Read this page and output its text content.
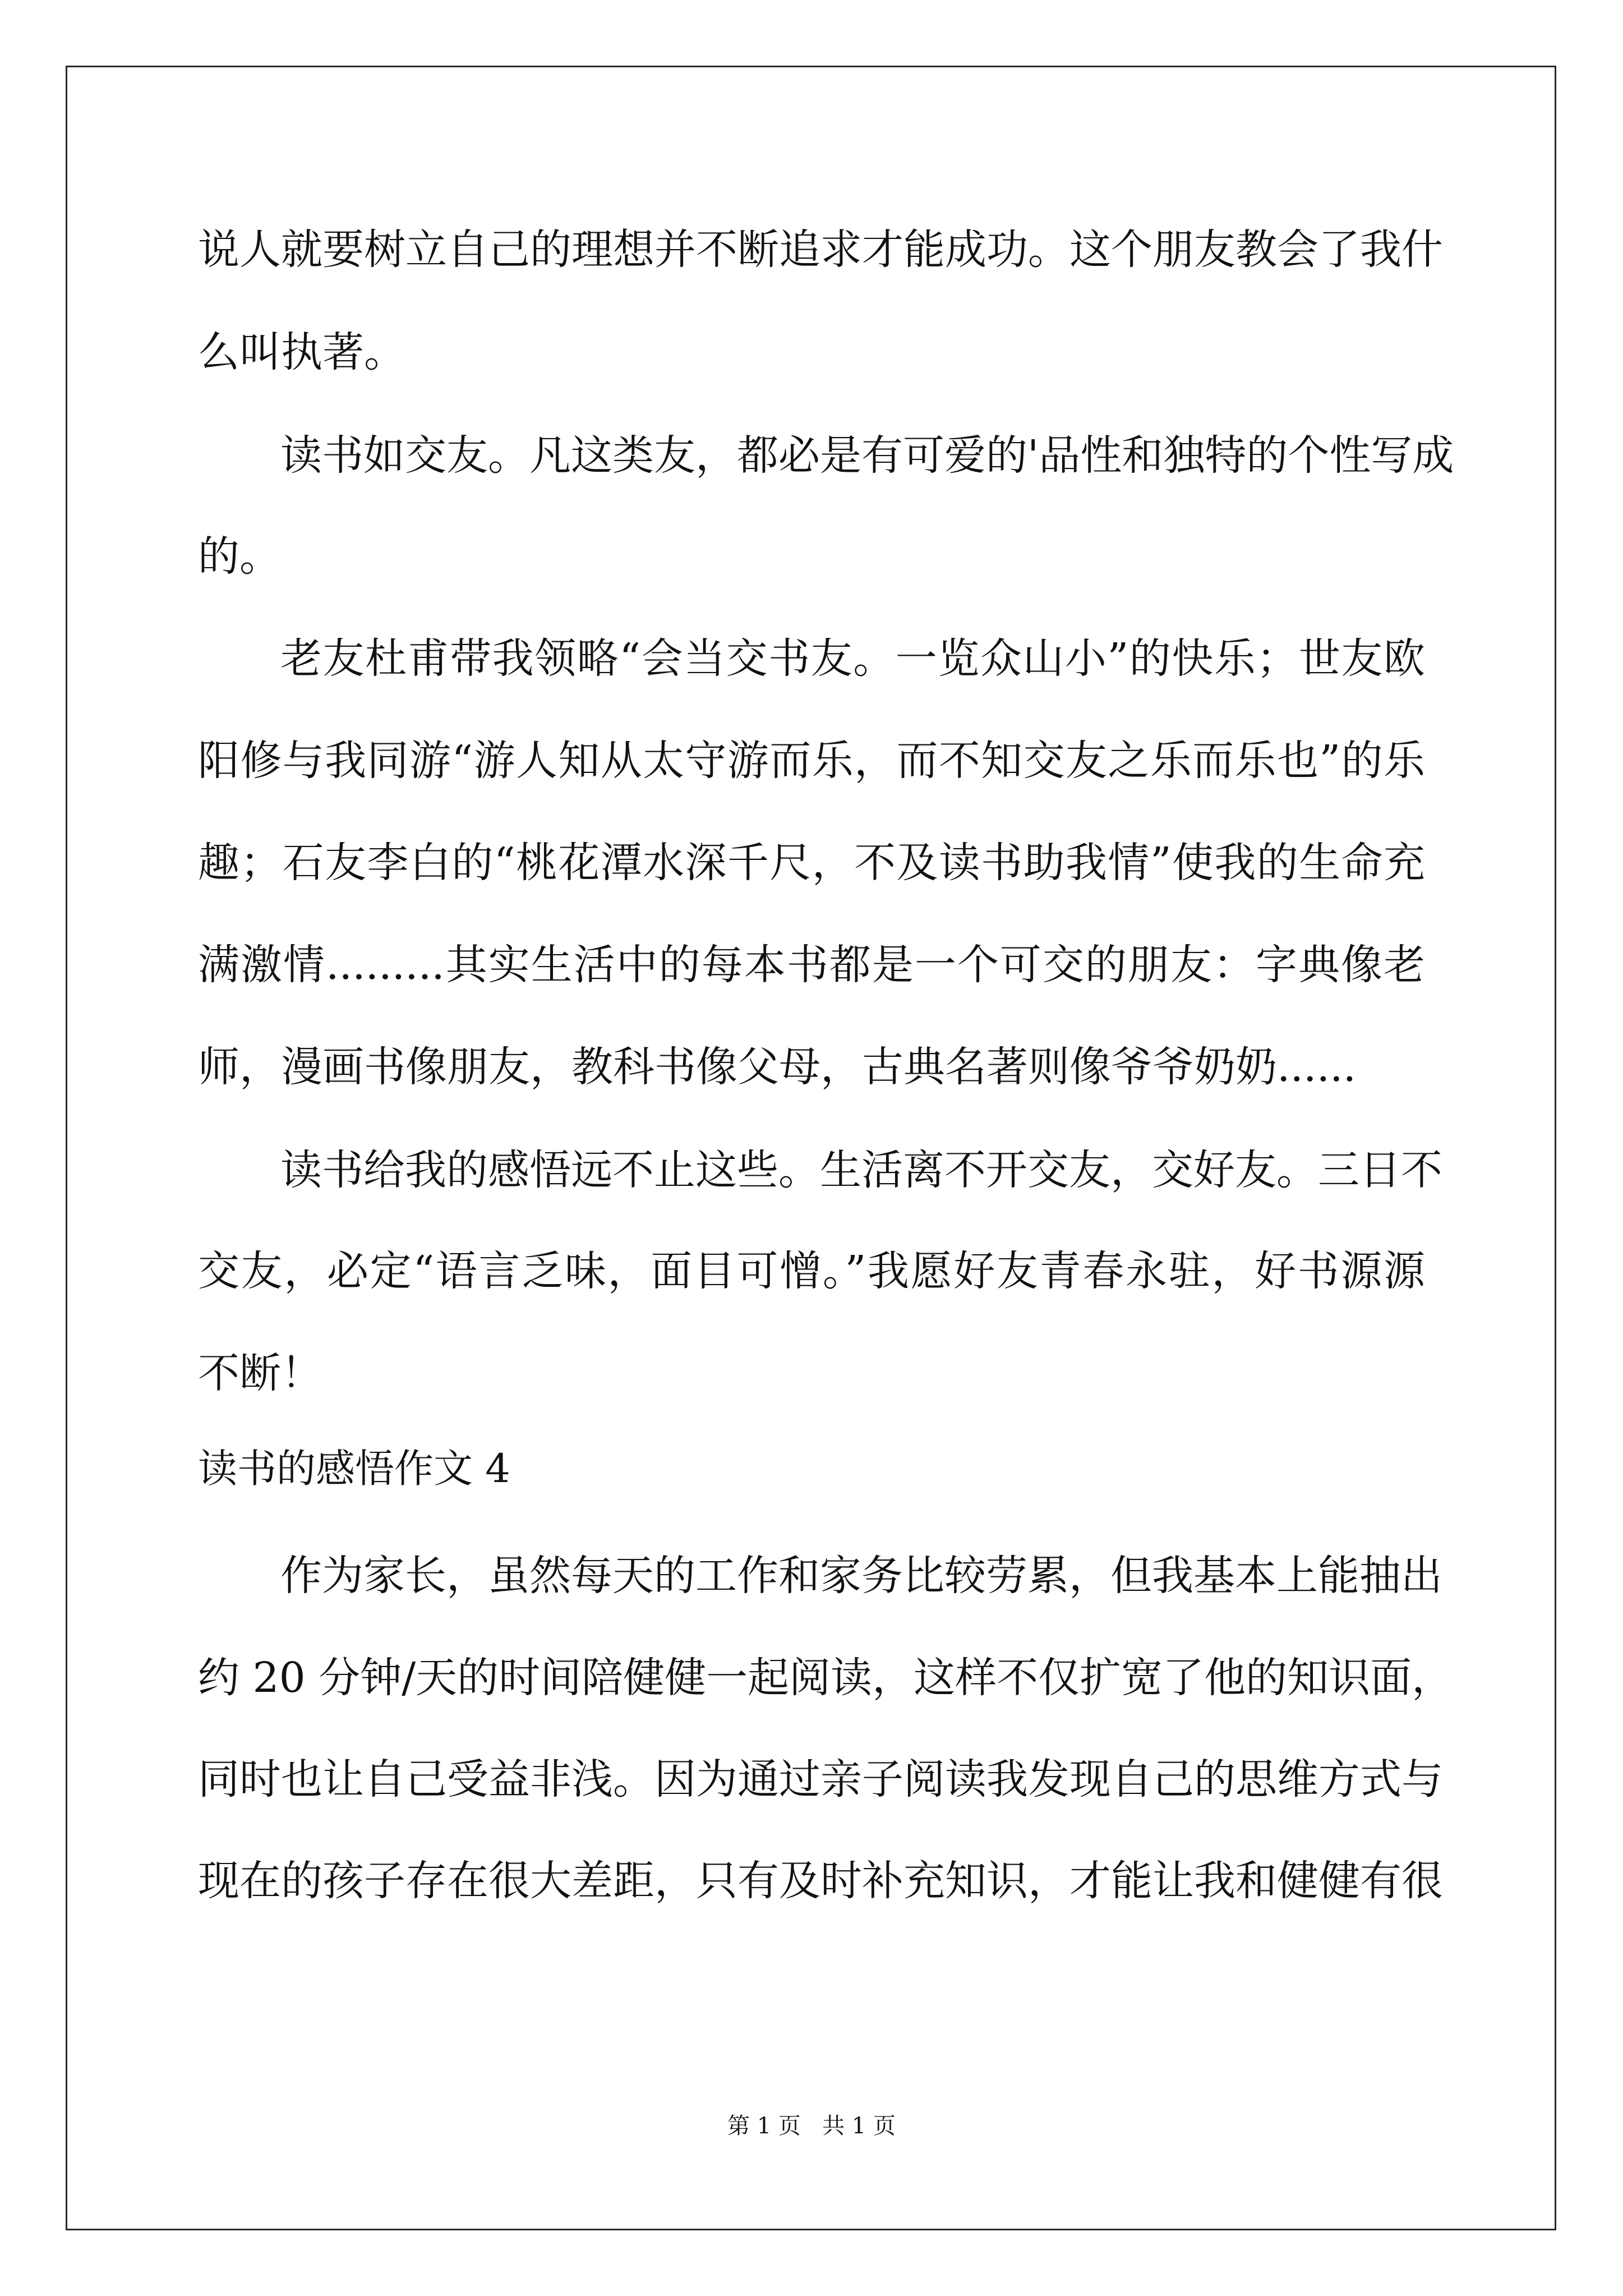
说人就要树立自己的理想并不断追求才能成功。这个朋友教会了我什
么叫执著。
读书如交友。凡这类友，都必是有可爱的'品性和独特的个性写成
的。
老友杜甫带我领略“会当交书友。一览众山小”的快乐；世友欧
阳修与我同游“游人知从太守游而乐，而不知交友之乐而乐也”的乐
趣；石友李白的“桃花潭水深千尺，不及读书助我情”使我的生命充
满激情.........其实生活中的每本书都是一个可交的朋友：字典像老
师，漫画书像朋友，教科书像父母，古典名著则像爷爷奶奶......
读书给我的感悟远不止这些。生活离不开交友，交好友。三日不
交友，必定“语言乏味，面目可憎。”我愿好友青春永驻，好书源源
不断！
读书的感悟作文 4
作为家长，虽然每天的工作和家务比较劳累，但我基本上能抽出
约 20 分钟/天的时间陪健健一起阅读，这样不仅扩宽了他的知识面，
同时也让自己受益非浅。因为通过亲子阅读我发现自己的思维方式与
现在的孩子存在很大差距，只有及时补充知识，才能让我和健健有很
第 1 页   共 1 页
